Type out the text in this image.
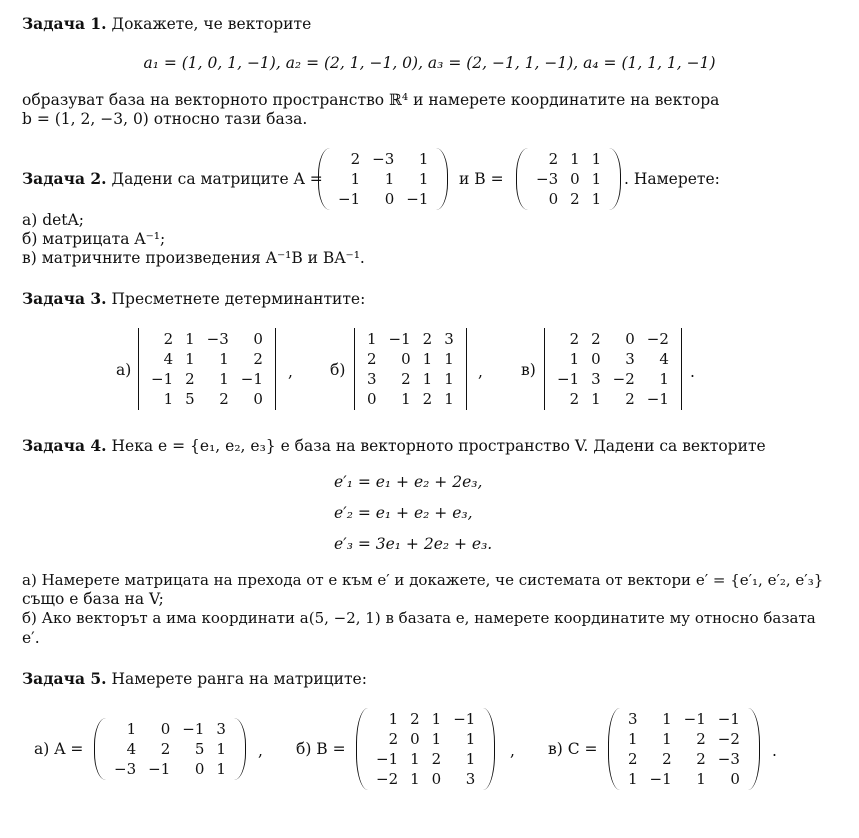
Задача 1. Докажете, че векторите
a₁ = (1, 0, 1, −1), a₂ = (2, 1, −1, 0), a₃ = (2, −1, 1, −1), a₄ = (1, 1, 1, −1)
образуват база на векторното пространство ℝ⁴ и намерете координатите на вектора
b = (1, 2, −3, 0) относно тази база.
Задача 2. Дадени са матриците A =
2	−3	1
1	1	1
−1	0	−1
и B =
2	1	1
−3	0	1
0	2	1
. Намерете:
а) detA;
б) матрицата A⁻¹;
в) матричните произведения A⁻¹B и BA⁻¹.
Задача 3. Пресметнете детерминантите:
а)
2	1	−3	0
4	1	1	2
−1	2	1	−1
1	5	2	0
, б)
1	−1	2	3
2	0	1	1
3	2	1	1
0	1	2	1
, в)
2	2	0	−2
1	0	3	4
−1	3	−2	1
2	1	2	−1
.
Задача 4. Нека e = {e₁, e₂, e₃} е база на векторното пространство V. Дадени са векторите
e′₁ = e₁ + e₂ + 2e₃,
e′₂ = e₁ + e₂ + e₃,
e′₃ = 3e₁ + 2e₂ + e₃.
а) Намерете матрицата на прехода от e към e′ и докажете, че системата от вектори e′ = {e′₁, e′₂, e′₃}
също е база на V;
б) Ако векторът a има координати a(5, −2, 1) в базата e, намерете координатите му относно базата
e′.
Задача 5. Намерете ранга на матриците:
а) A =
1	0	−1	3
4	2	5	1
−3	−1	0	1
, б) B =
1	2	1	−1
2	0	1	1
−1	1	2	1
−2	1	0	3
, в) C =
3	1	−1	−1
1	1	2	−2
2	2	2	−3
1	−1	1	0
.
